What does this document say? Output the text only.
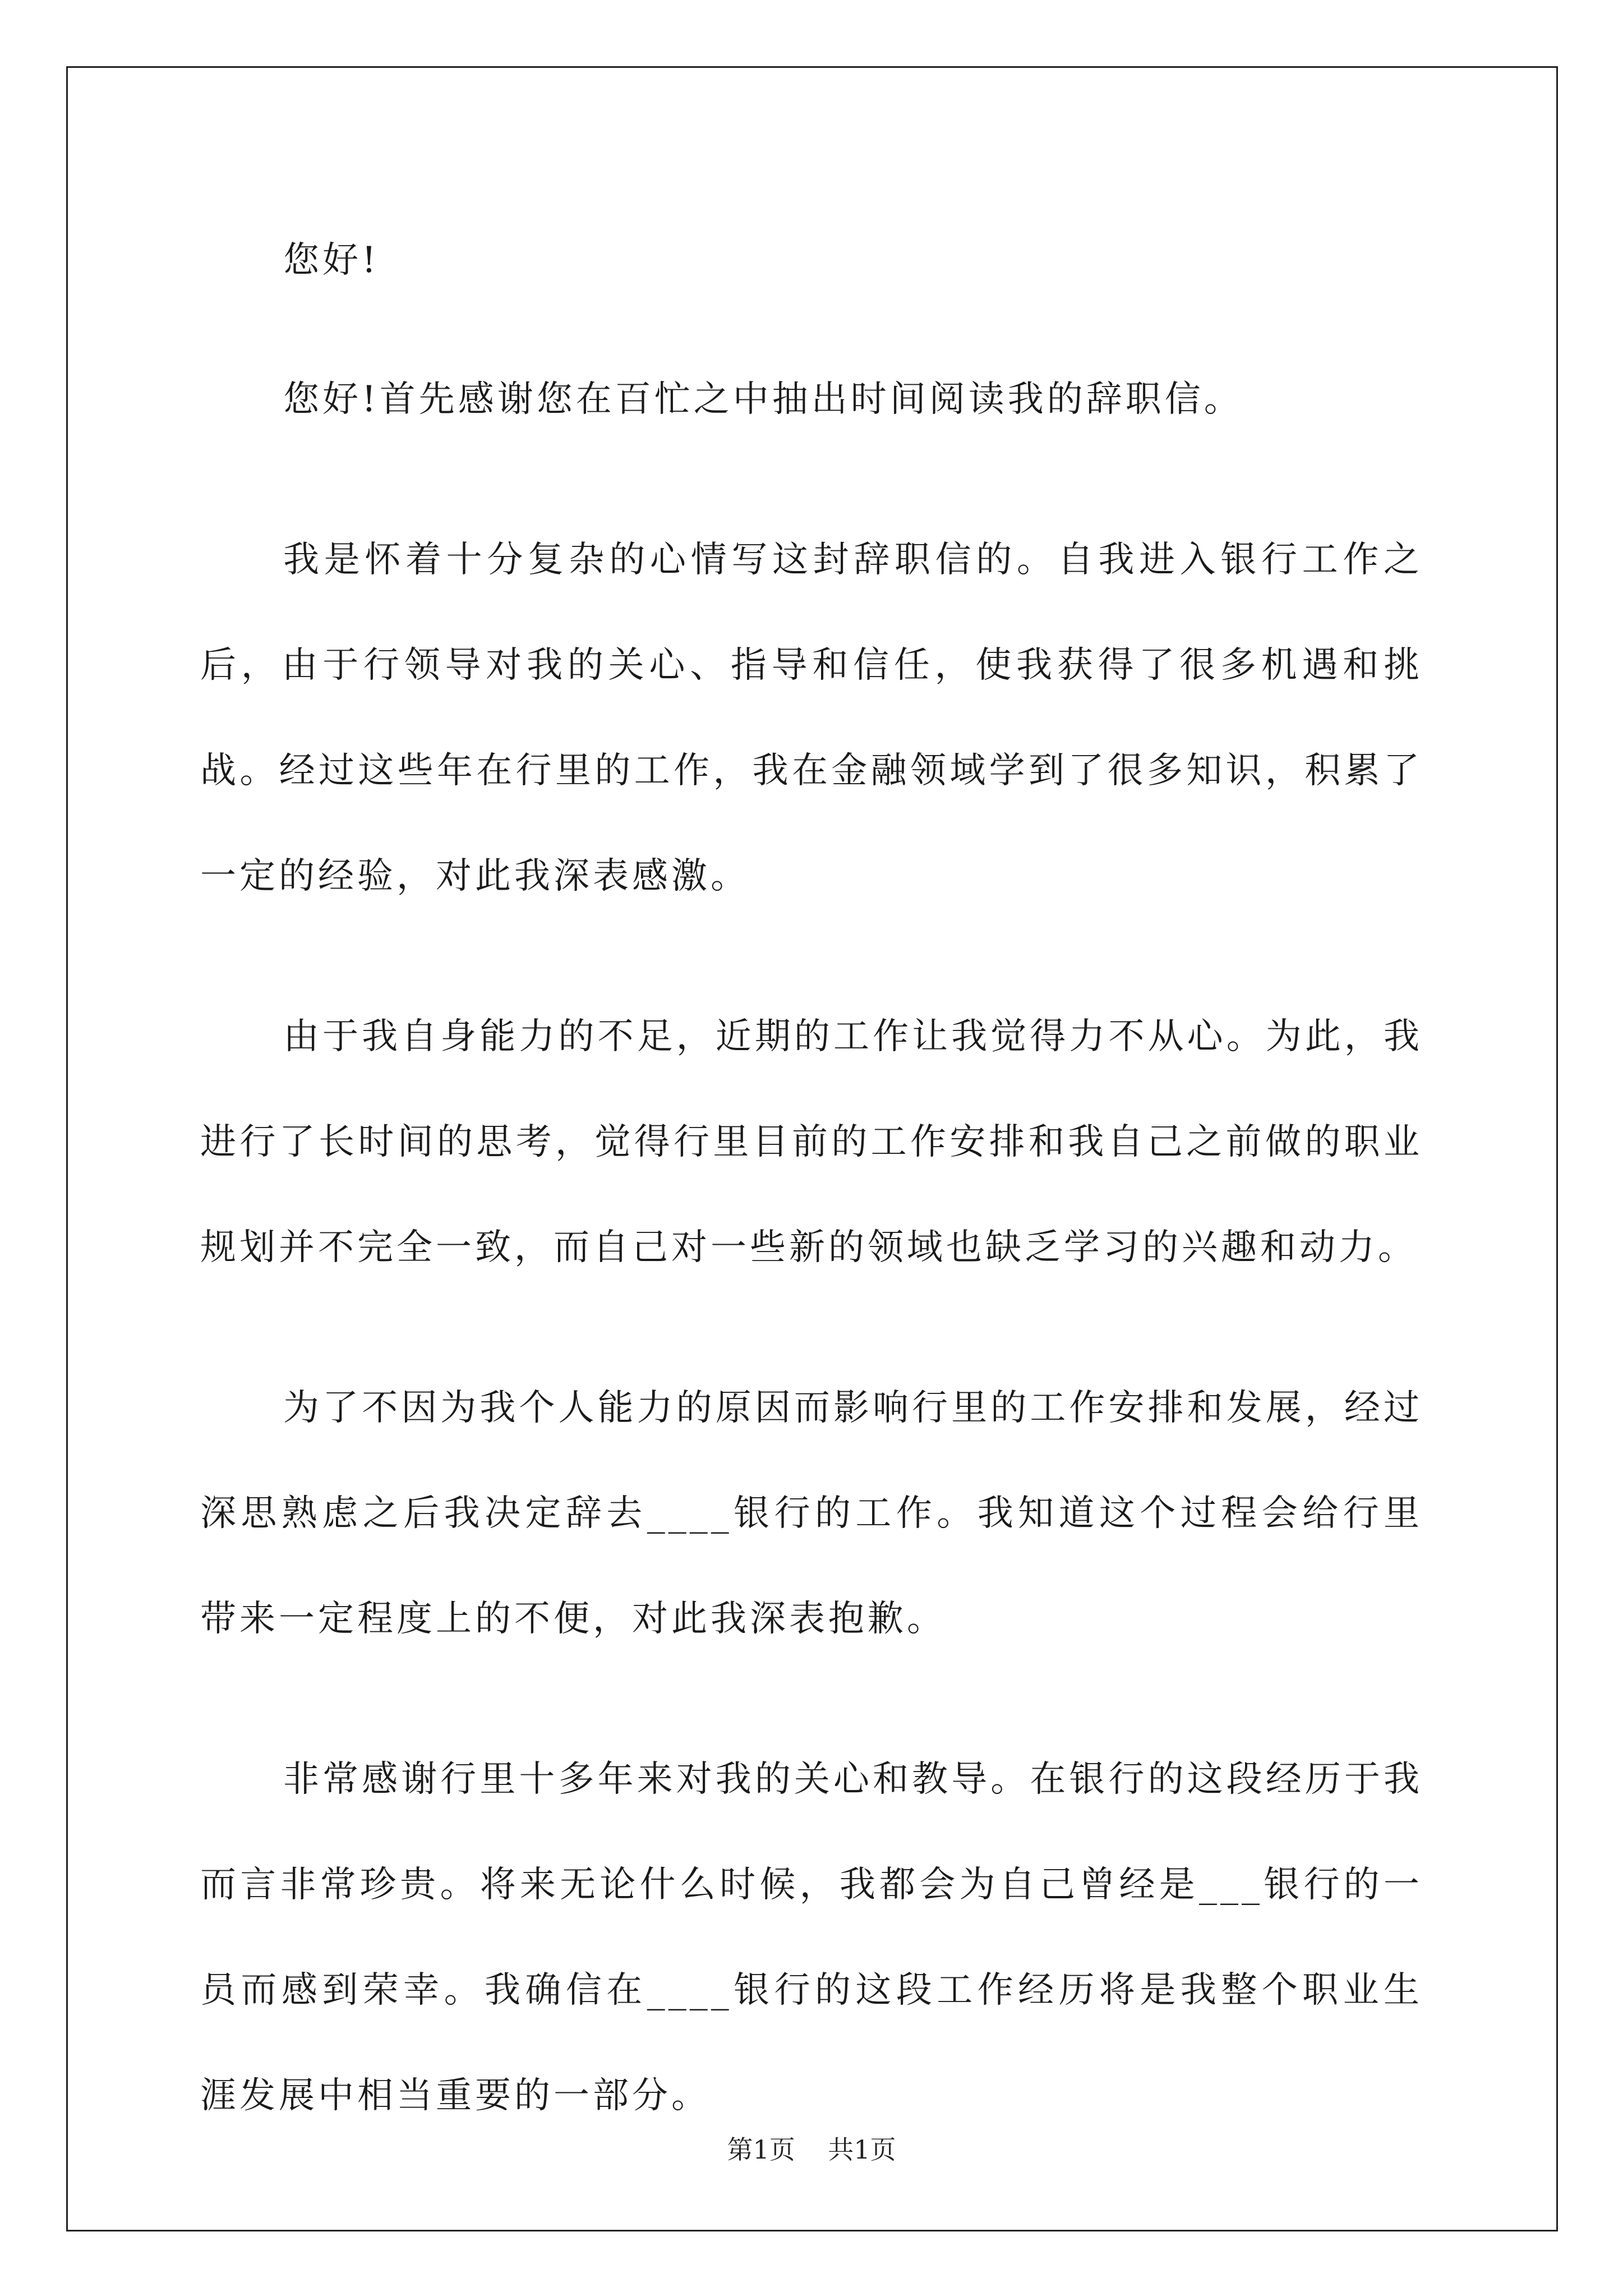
您好!

您好!首先感谢您在百忙之中抽出时间阅读我的辞职信。

我是怀着十分复杂的心情写这封辞职信的。自我进入银行工作之后，由于行领导对我的关心、指导和信任，使我获得了很多机遇和挑战。经过这些年在行里的工作，我在金融领域学到了很多知识，积累了一定的经验，对此我深表感激。

由于我自身能力的不足，近期的工作让我觉得力不从心。为此，我进行了长时间的思考，觉得行里目前的工作安排和我自己之前做的职业规划并不完全一致，而自己对一些新的领域也缺乏学习的兴趣和动力。

为了不因为我个人能力的原因而影响行里的工作安排和发展，经过深思熟虑之后我决定辞去____银行的工作。我知道这个过程会给行里带来一定程度上的不便，对此我深表抱歉。

非常感谢行里十多年来对我的关心和教导。在银行的这段经历于我而言非常珍贵。将来无论什么时候，我都会为自己曾经是___银行的一员而感到荣幸。我确信在____银行的这段工作经历将是我整个职业生涯发展中相当重要的一部分。

第1页 共1页
